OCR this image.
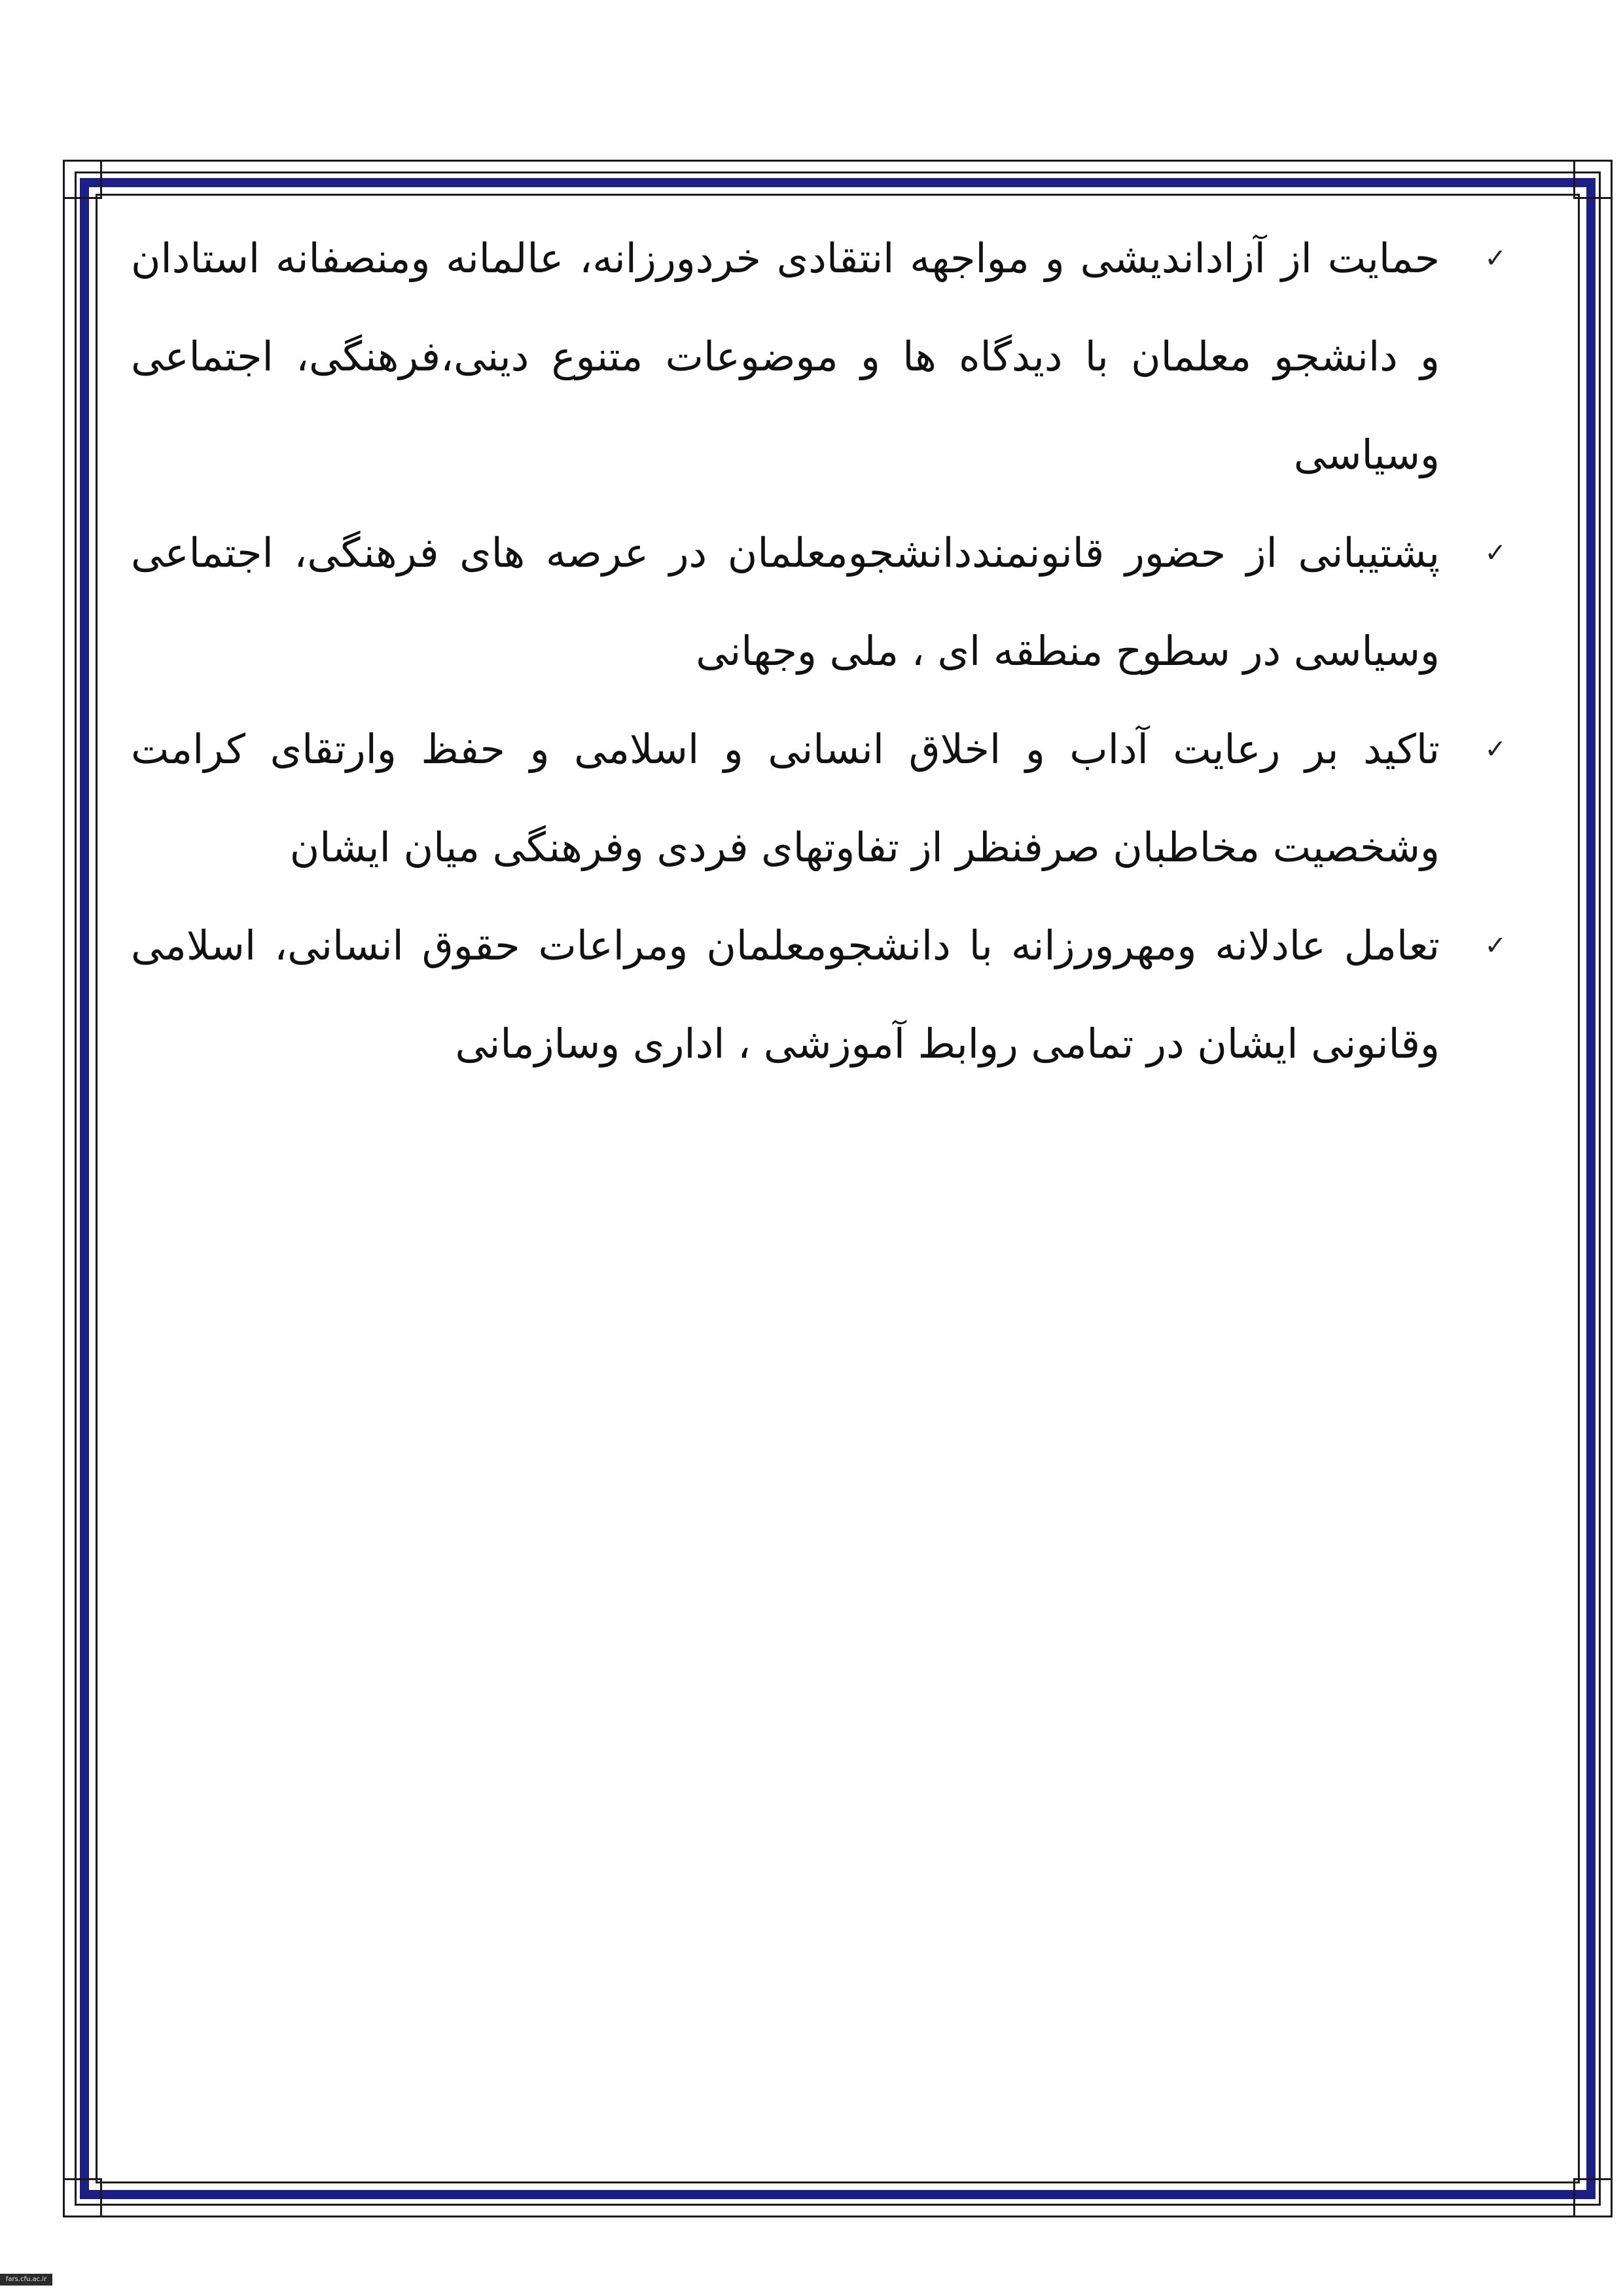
✓
حمایت از آزاداندیشی و مواجهه انتقادی خردورزانه، عالمانه ومنصفانه استادان و دانشجو معلمان با دیدگاه ها و موضوعات متنوع دینی،فرهنگی، اجتماعی وسیاسی
✓
پشتیبانی از حضور قانونمنددانشجومعلمان در عرصه های فرهنگی، اجتماعی وسیاسی در سطوح منطقه ای ، ملی وجهانی
✓
تاکید بر رعایت آداب و اخلاق انسانی و اسلامی و حفظ وارتقای کرامت وشخصیت مخاطبان صرفنظر از تفاوتهای فردی وفرهنگی میان ایشان
✓
تعامل عادلانه ومهرورزانه با دانشجومعلمان ومراعات حقوق انسانی، اسلامی وقانونی ایشان در تمامی روابط آموزشی ، اداری وسازمانی
fars.cfu.ac.ir
